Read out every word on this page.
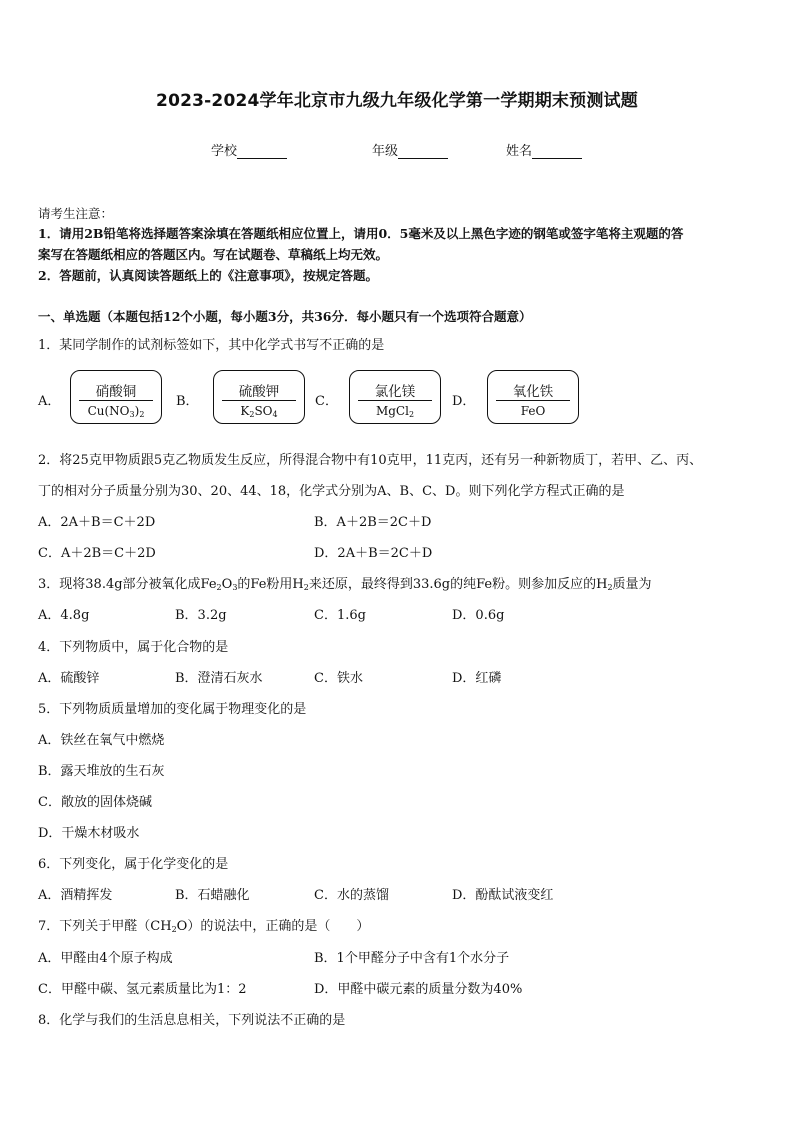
2023-2024学年北京市九级九年级化学第一学期期末预测试题
学校	年级	姓名
请考生注意：
1．请用2B铅笔将选择题答案涂填在答题纸相应位置上，请用0．5毫米及以上黑色字迹的钢笔或签字笔将主观题的答
案写在答题纸相应的答题区内。写在试题卷、草稿纸上均无效。
2．答题前，认真阅读答题纸上的《注意事项》，按规定答题。
一、单选题（本题包括12个小题，每小题3分，共36分．每小题只有一个选项符合题意）
1．某同学制作的试剂标签如下，其中化学式书写不正确的是
A．
硝酸铜
$Cu(NO_3)_2$
B．
硫酸钾
$K_2SO_4$
C．
氯化镁
MgCl$_2$
D．
氧化铁
FeO
2．将25克甲物质跟5克乙物质发生反应，所得混合物中有10克甲，11克丙，还有另一种新物质丁，若甲、乙、丙、
丁的相对分子质量分别为30、20、44、18，化学式分别为A、B、C、D。则下列化学方程式正确的是
A．2A＋B＝C＋2D	B．A＋2B＝2C＋D
C．A＋2B＝C＋2D	D．2A＋B＝2C＋D
3．现将38.4g部分被氧化成$Fe_2O_3$的Fe粉用$H_2$来还原，最终得到33.6g的纯Fe粉。则参加反应的$H_2$质量为
A．4.8g	B．3.2g	C．1.6g	D．0.6g
4．下列物质中，属于化合物的是
A．硫酸锌	B．澄清石灰水	C．铁水	D．红磷
5．下列物质质量增加的变化属于物理变化的是
A．铁丝在氧气中燃烧
B．露天堆放的生石灰
C．敞放的固体烧碱
D．干燥木材吸水
6．下列变化，属于化学变化的是
A．酒精挥发	B．石蜡融化	C．水的蒸馏	D．酚酞试液变红
7．下列关于甲醛$(CH_2O)$的说法中，正确的是（　　）
A．甲醛由4个原子构成	B．1个甲醛分子中含有1个水分子
C．甲醛中碳、氢元素质量比为1：2	D．甲醛中碳元素的质量分数为40%
8．化学与我们的生活息息相关，下列说法不正确的是
